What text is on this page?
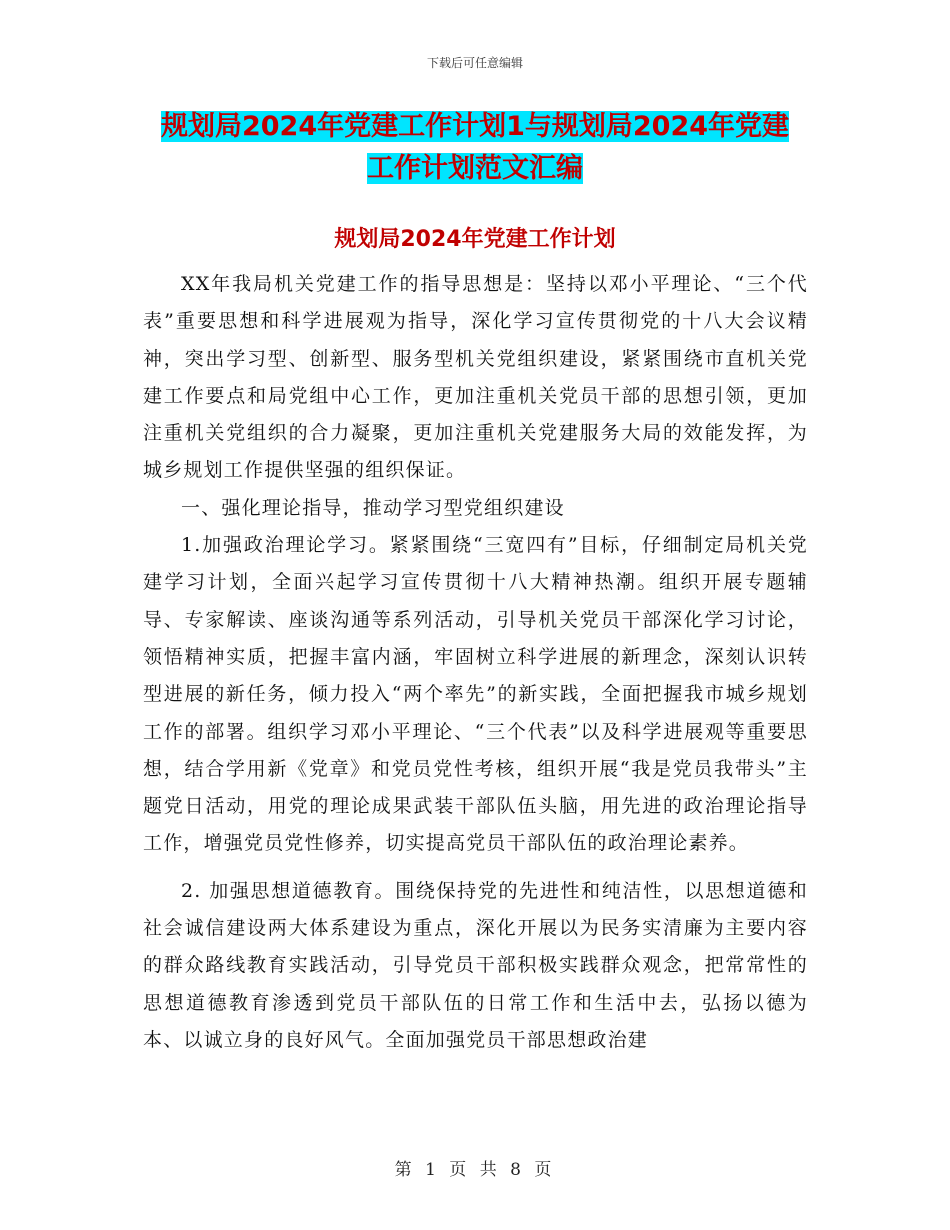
下载后可任意编辑
规划局2024年党建工作计划1与规划局2024年党建
工作计划范文汇编
规划局2024年党建工作计划

XX年我局机关党建工作的指导思想是：坚持以邓小平理论、“三个代表”重要思想和科学进展观为指导，深化学习宣传贯彻党的十八大会议精神，突出学习型、创新型、服务型机关党组织建设，紧紧围绕市直机关党建工作要点和局党组中心工作，更加注重机关党员干部的思想引领，更加注重机关党组织的合力凝聚，更加注重机关党建服务大局的效能发挥，为城乡规划工作提供坚强的组织保证。

一、强化理论指导，推动学习型党组织建设

1.加强政治理论学习。紧紧围绕“三宽四有”目标，仔细制定局机关党建学习计划，全面兴起学习宣传贯彻十八大精神热潮。组织开展专题辅导、专家解读、座谈沟通等系列活动，引导机关党员干部深化学习讨论，领悟精神实质，把握丰富内涵，牢固树立科学进展的新理念，深刻认识转型进展的新任务，倾力投入“两个率先”的新实践，全面把握我市城乡规划工作的部署。组织学习邓小平理论、“三个代表”以及科学进展观等重要思想，结合学用新《党章》和党员党性考核，组织开展“我是党员我带头”主题党日活动，用党的理论成果武装干部队伍头脑，用先进的政治理论指导工作，增强党员党性修养，切实提高党员干部队伍的政治理论素养。

2. 加强思想道德教育。围绕保持党的先进性和纯洁性，以思想道德和社会诚信建设两大体系建设为重点，深化开展以为民务实清廉为主要内容的群众路线教育实践活动，引导党员干部积极实践群众观念，把常常性的思想道德教育渗透到党员干部队伍的日常工作和生活中去，弘扬以德为本、以诚立身的良好风气。全面加强党员干部思想政治建

第 1 页 共 8 页
